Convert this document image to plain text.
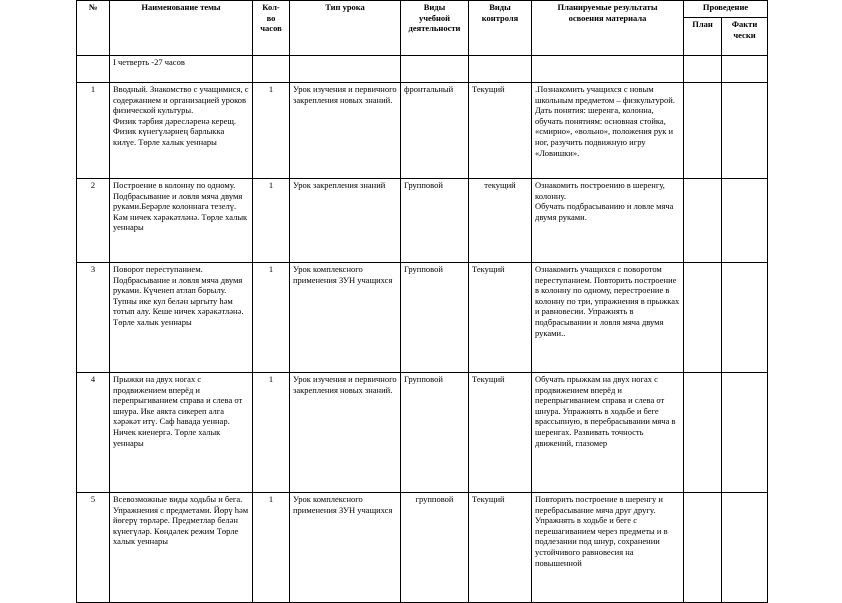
№	Наименование темы	Кол-
во
часов	Тип урока	Виды
учебной
деятельности	Виды
контроля	Планируемые результаты
освоения материала	Проведение	
							План	Факти
чески
	I четверть -27 часов							
1	Вводный. Знакомство с учащимися, с содержанием и организацией уроков физической культуры.
Физик тәрбия дәресләренә керещ. Физик күнегүләрнең барлыкка килүе. Төрле халык уеннары	1	Урок изучения и первичного закрепления новых знаний.	фронтальный	Текущий	.Познакомить учащихся с новым школьным предметом – физкультурой. Дать понятия: шеренга, колонна, обучать понятиям: основная стойка, «смирно», «вольно», положения рук и ног, разучить подвижную игру «Ловишки».		
2	Построение в колонну по одному. Подбрасывание и ловля мяча двумя руками.Берәрле колоннага тезелү. Кәм ничек хәрәкәтләнә. Төрле халык уеннары	1	Урок закрепления знаний	Групповой	текущий	Ознакомить построению в шеренгу, колонну.
Обучать подбрасыванию и ловле мяча двумя руками.		
3	Поворот переступанием. Подбрасывание и ловля мяча двумя руками. Күченеп атлап борылу. Тупны ике кул белән ыргыту һәм тотып алу. Кеше ничек хәрәкәтләнә. Төрле халык уеннары	1	Урок комплексного применения ЗУН учащихся	Групповой	Текущий	Ознакомить учащихся с поворотом переступанием. Повторить построение в колонну по одному, перестроение в колонну по три, упражнения в прыжках и равновесии. Упражнять в подбрасывании и ловля мяча двумя руками..		
4	Прыжки на двух ногах с продвижением вперёд и перепрыгиванием справа и слева от шнура. Ике аякта сикереп алга хәрәкәт итү. Саф һавада уеннар. Ничек киенергә. Төрле халык уеннары	1	Урок изучения и первичного закрепления новых знаний.	Групповой	Текущий	Обучать прыжкам на двух ногах с продвижением вперёд и перепрыгиванием справа и слева от шнура. Упражнять в ходьбе и беге врассыпную, в перебрасывании мяча в шеренгах. Развивать точность движений, глазомер		
5	Всевозможные виды ходьбы и бега. Упражнения с предметами. Йөрү һәм йөгерү төрләре. Предметлар белән күнегүләр. Көндәлек режим Төрле халык уеннары	1	Урок комплексного применения ЗУН учащихся	групповой	Текущий	Повторить построение в шеренгу и перебрасывание мяча друг другу.
Упражнять в ходьбе и беге с перешагиванием через предметы и в подлезании под шнур, сохранении устойчивого равновесия на повышенной		
